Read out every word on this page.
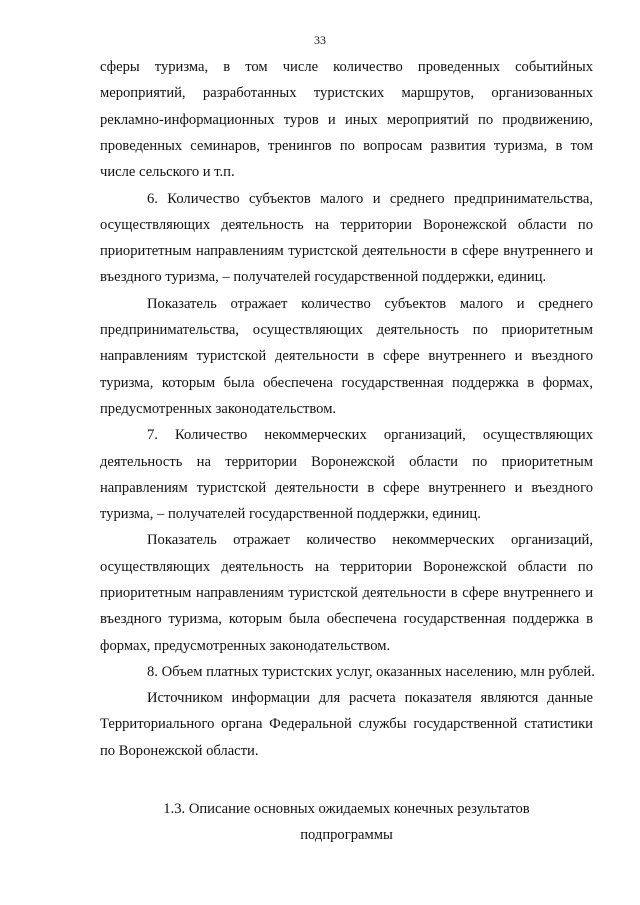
33
сферы туризма, в том числе количество проведенных событийных
мероприятий, разработанных туристских маршрутов, организованных
рекламно-информационных туров и иных мероприятий по продвижению,
проведенных семинаров, тренингов по вопросам развития туризма, в том
числе сельского и т.п.
6. Количество субъектов малого и среднего предпринимательства,
осуществляющих деятельность на территории Воронежской области по
приоритетным направлениям туристской деятельности в сфере внутреннего и
въездного туризма, – получателей государственной поддержки, единиц.
Показатель отражает количество субъектов малого и среднего
предпринимательства, осуществляющих деятельность по приоритетным
направлениям туристской деятельности в сфере внутреннего и въездного
туризма, которым была обеспечена государственная поддержка в формах,
предусмотренных законодательством.
7. Количество некоммерческих организаций, осуществляющих
деятельность на территории Воронежской области по приоритетным
направлениям туристской деятельности в сфере внутреннего и въездного
туризма, – получателей государственной поддержки, единиц.
Показатель отражает количество некоммерческих организаций,
осуществляющих деятельность на территории Воронежской области по
приоритетным направлениям туристской деятельности в сфере внутреннего и
въездного туризма, которым была обеспечена государственная поддержка в
формах, предусмотренных законодательством.
8. Объем платных туристских услуг, оказанных населению, млн рублей.
Источником информации для расчета показателя являются данные
Территориального органа Федеральной службы государственной статистики
по Воронежской области.
1.3. Описание основных ожидаемых конечных результатов
подпрограммы
